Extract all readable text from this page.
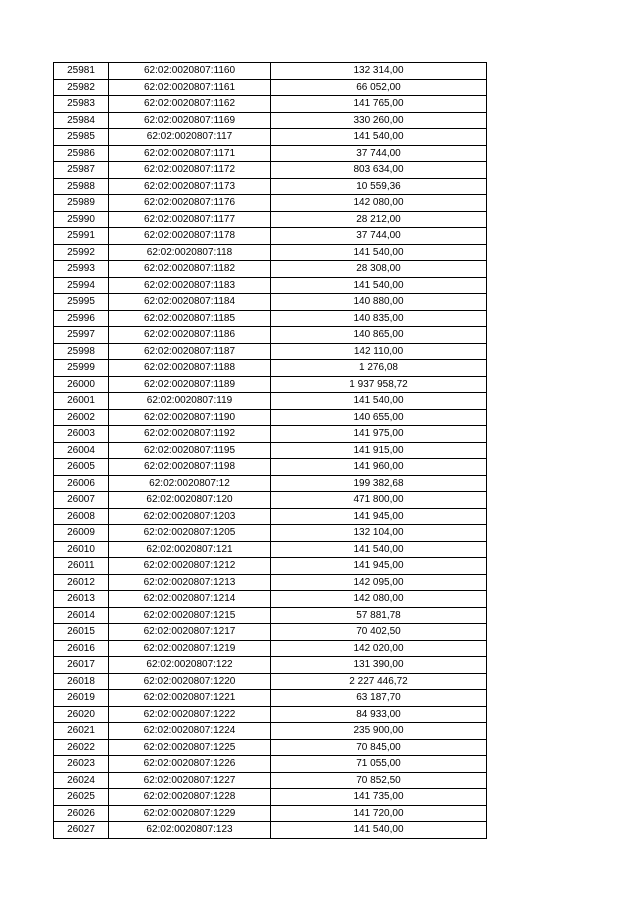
25981	62:02:0020807:1160	132 314,00
25982	62:02:0020807:1161	66 052,00
25983	62:02:0020807:1162	141 765,00
25984	62:02:0020807:1169	330 260,00
25985	62:02:0020807:117	141 540,00
25986	62:02:0020807:1171	37 744,00
25987	62:02:0020807:1172	803 634,00
25988	62:02:0020807:1173	10 559,36
25989	62:02:0020807:1176	142 080,00
25990	62:02:0020807:1177	28 212,00
25991	62:02:0020807:1178	37 744,00
25992	62:02:0020807:118	141 540,00
25993	62:02:0020807:1182	28 308,00
25994	62:02:0020807:1183	141 540,00
25995	62:02:0020807:1184	140 880,00
25996	62:02:0020807:1185	140 835,00
25997	62:02:0020807:1186	140 865,00
25998	62:02:0020807:1187	142 110,00
25999	62:02:0020807:1188	1 276,08
26000	62:02:0020807:1189	1 937 958,72
26001	62:02:0020807:119	141 540,00
26002	62:02:0020807:1190	140 655,00
26003	62:02:0020807:1192	141 975,00
26004	62:02:0020807:1195	141 915,00
26005	62:02:0020807:1198	141 960,00
26006	62:02:0020807:12	199 382,68
26007	62:02:0020807:120	471 800,00
26008	62:02:0020807:1203	141 945,00
26009	62:02:0020807:1205	132 104,00
26010	62:02:0020807:121	141 540,00
26011	62:02:0020807:1212	141 945,00
26012	62:02:0020807:1213	142 095,00
26013	62:02:0020807:1214	142 080,00
26014	62:02:0020807:1215	57 881,78
26015	62:02:0020807:1217	70 402,50
26016	62:02:0020807:1219	142 020,00
26017	62:02:0020807:122	131 390,00
26018	62:02:0020807:1220	2 227 446,72
26019	62:02:0020807:1221	63 187,70
26020	62:02:0020807:1222	84 933,00
26021	62:02:0020807:1224	235 900,00
26022	62:02:0020807:1225	70 845,00
26023	62:02:0020807:1226	71 055,00
26024	62:02:0020807:1227	70 852,50
26025	62:02:0020807:1228	141 735,00
26026	62:02:0020807:1229	141 720,00
26027	62:02:0020807:123	141 540,00
